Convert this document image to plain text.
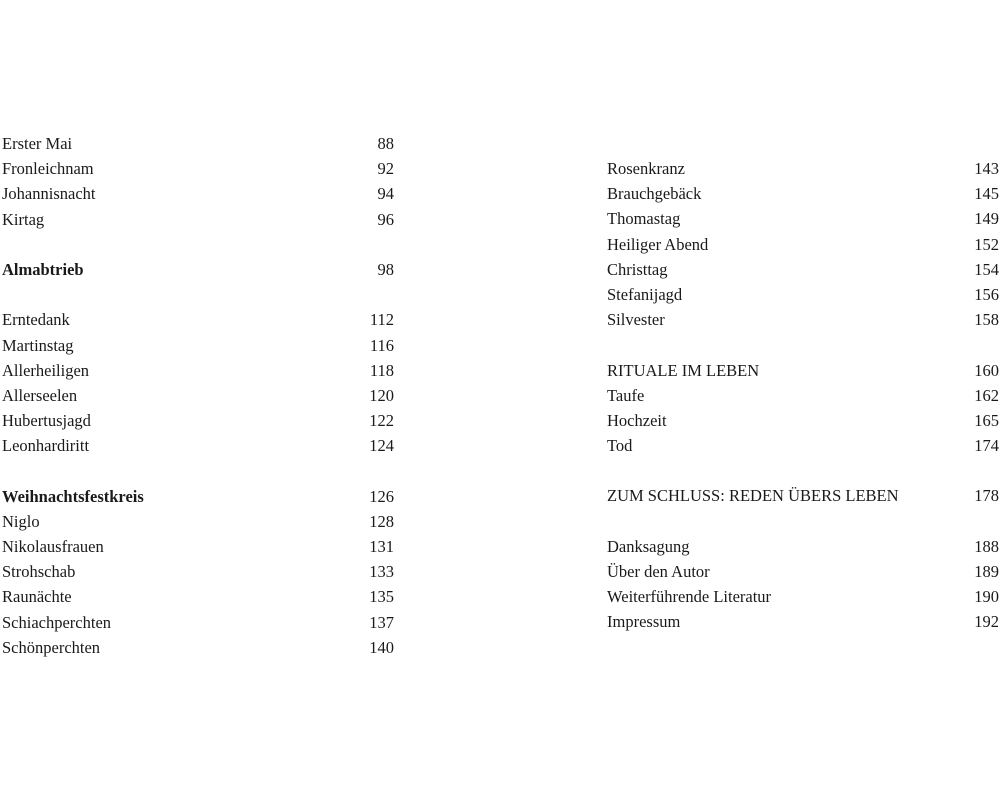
Erster Mai	88
Fronleichnam	92
Johannisnacht	94
Kirtag	96
Almabtrieb	98
Erntedank	112
Martinstag	116
Allerheiligen	118
Allerseelen	120
Hubertusjagd	122
Leonhardiritt	124
Weihnachtsfestkreis	126
Niglo	128
Nikolausfrauen	131
Strohschab	133
Raunächte	135
Schiachperchten	137
Schönperchten	140
Rosenkranz	143
Brauchgebäck	145
Thomastag	149
Heiliger Abend	152
Christtag	154
Stefanijagd	156
Silvester	158
RITUALE IM LEBEN	160
Taufe	162
Hochzeit	165
Tod	174
ZUM SCHLUSS: REDEN ÜBERS LEBEN	178
Danksagung	188
Über den Autor	189
Weiterführende Literatur	190
Impressum	192
